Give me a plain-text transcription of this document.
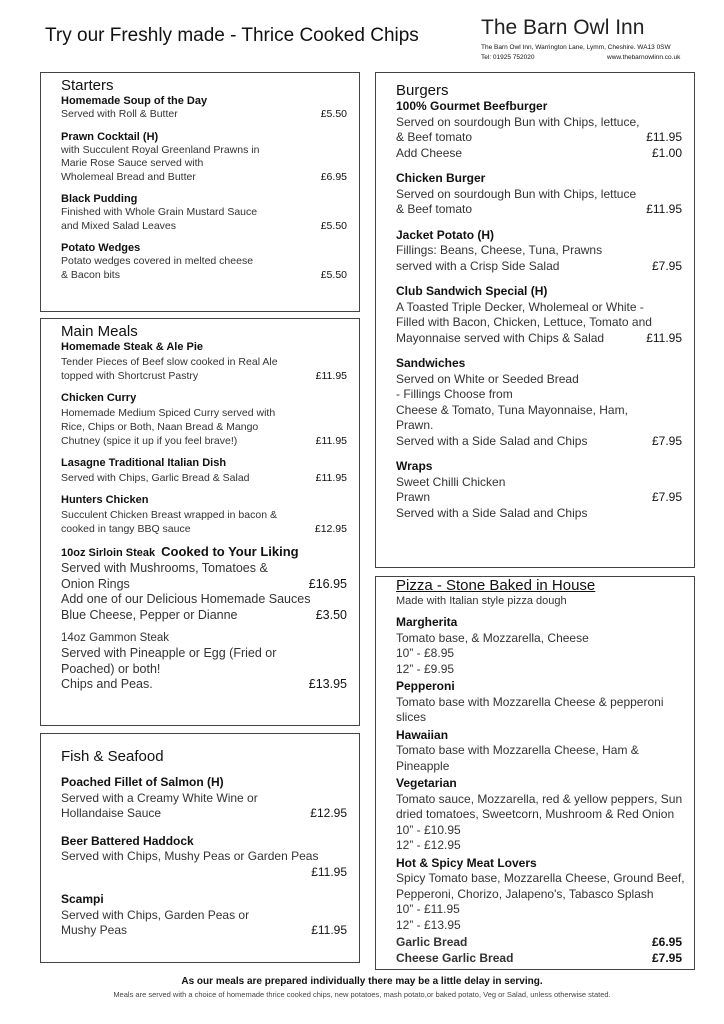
Try our Freshly made - Thrice Cooked Chips	The Barn Owl Inn
The Barn Owl Inn, Warrington Lane, Lymm, Cheshire. WA13 0SW
Tel: 01925 752020	www.thebarnowlinn.co.uk
Starters
Homemade Soup of the Day
Served with Roll & Butter	£5.50
Prawn Cocktail (H)
with Succulent Royal Greenland Prawns in
Marie Rose Sauce served with
Wholemeal Bread and Butter	£6.95
Black Pudding
Finished with Whole Grain Mustard Sauce
and Mixed Salad Leaves	£5.50
Potato Wedges
Potato wedges covered in melted cheese
& Bacon bits	£5.50
Main Meals
Homemade Steak & Ale Pie
Tender Pieces of Beef slow cooked in Real Ale
topped with Shortcrust Pastry	£11.95
Chicken Curry
Homemade Medium Spiced Curry served with
Rice, Chips or Both, Naan Bread & Mango
Chutney (spice it up if you feel brave!)	£11.95
Lasagne Traditional Italian Dish
Served with Chips, Garlic Bread & Salad	£11.95
Hunters Chicken
Succulent Chicken Breast wrapped in bacon &
cooked in tangy BBQ sauce	£12.95
10oz Sirloin Steak Cooked to Your Liking
Served with Mushrooms, Tomatoes &
Onion Rings	£16.95
Add one of our Delicious Homemade Sauces
Blue Cheese, Pepper or Dianne	£3.50
14oz Gammon Steak
Served with Pineapple or Egg (Fried or
Poached) or both!
Chips and Peas.	£13.95
Fish & Seafood
Poached Fillet of Salmon (H)
Served with a Creamy White Wine or
Hollandaise Sauce	£12.95
Beer Battered Haddock
Served with Chips, Mushy Peas or Garden Peas
£11.95
Scampi
Served with Chips, Garden Peas or
Mushy Peas	£11.95
Burgers
100% Gourmet Beefburger
Served on sourdough Bun with Chips, lettuce,
& Beef tomato	£11.95
Add Cheese	£1.00
Chicken Burger
Served on sourdough Bun with Chips, lettuce
& Beef tomato	£11.95
Jacket Potato (H)
Fillings: Beans, Cheese, Tuna, Prawns
served with a Crisp Side Salad	£7.95
Club Sandwich Special (H)
A Toasted Triple Decker, Wholemeal or White -
Filled with Bacon, Chicken, Lettuce, Tomato and
Mayonnaise served with Chips & Salad	£11.95
Sandwiches
Served on White or Seeded Bread
- Fillings Choose from
Cheese & Tomato, Tuna Mayonnaise, Ham,
Prawn.
Served with a Side Salad and Chips	£7.95
Wraps
Sweet Chilli Chicken
Prawn	£7.95
Served with a Side Salad and Chips
Pizza - Stone Baked in House
Made with Italian style pizza dough
Margherita
Tomato base, & Mozzarella, Cheese
10” - £8.95
12” - £9.95
Pepperoni
Tomato base with Mozzarella Cheese & pepperoni slices
Hawaiian
Tomato base with Mozzarella Cheese, Ham & Pineapple
Vegetarian
Tomato sauce, Mozzarella, red & yellow peppers, Sun
dried tomatoes, Sweetcorn, Mushroom & Red Onion
10” - £10.95
12” - £12.95
Hot & Spicy Meat Lovers
Spicy Tomato base, Mozzarella Cheese, Ground Beef,
Pepperoni, Chorizo, Jalapeno's, Tabasco Splash
10” - £11.95
12” - £13.95
Garlic Bread	£6.95
Cheese Garlic Bread	£7.95
As our meals are prepared individually there may be a little delay in serving.
Meals are served with a choice of homemade thrice cooked chips, new potatoes, mash potato,or baked potato, Veg or Salad, unless otherwise stated.
